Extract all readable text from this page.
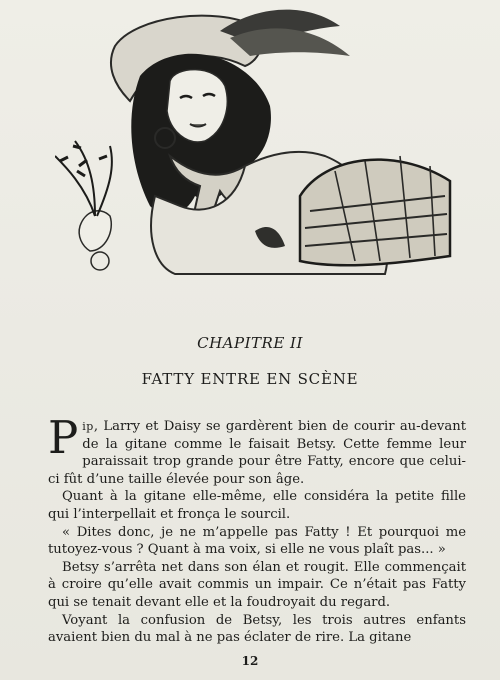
CHAPITRE II
FATTY ENTRE EN SCÈNE

Pip, Larry et Daisy se gardèrent bien de courir au-devant de la gitane comme le faisait Betsy. Cette femme leur paraissait trop grande pour être Fatty, encore que celui-ci fût d’une taille élevée pour son âge.

Quant à la gitane elle-même, elle considéra la petite fille qui l’interpellait et fronça le sourcil.

« Dites donc, je ne m’appelle pas Fatty ! Et pourquoi me tutoyez-vous ? Quant à ma voix, si elle ne vous plaît pas... »

Betsy s’arrêta net dans son élan et rougit. Elle commençait à croire qu’elle avait commis un impair. Ce n’était pas Fatty qui se tenait devant elle et la foudroyait du regard.

Voyant la confusion de Betsy, les trois autres enfants avaient bien du mal à ne pas éclater de rire. La gitane

12
